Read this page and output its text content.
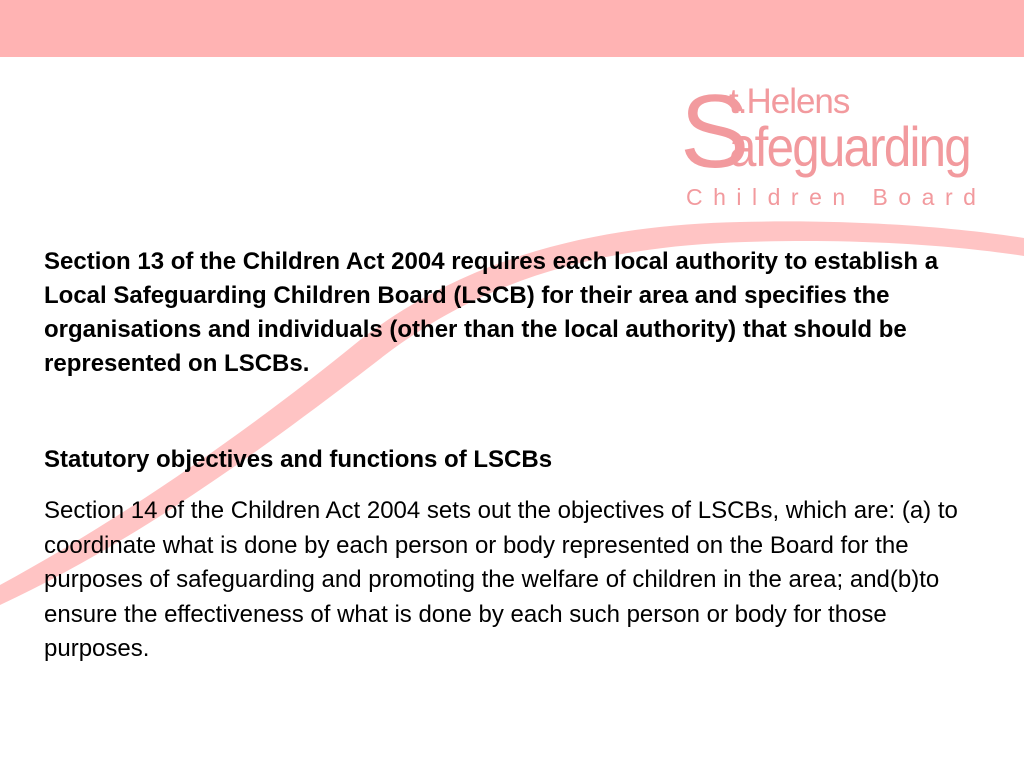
S
t.Helens
afeguarding
Children Board

Section 13 of the Children Act 2004 requires each local authority to establish a Local Safeguarding Children Board (LSCB) for their area and specifies the organisations and individuals (other than the local authority) that should be represented on LSCBs.

Statutory objectives and functions of LSCBs

Section 14 of the Children Act 2004 sets out the objectives of LSCBs, which are: (a) to coordinate what is done by each person or body represented on the Board for the purposes of safeguarding and promoting the welfare of children in the area; and(b)to ensure the effectiveness of what is done by each such person or body for those purposes.
